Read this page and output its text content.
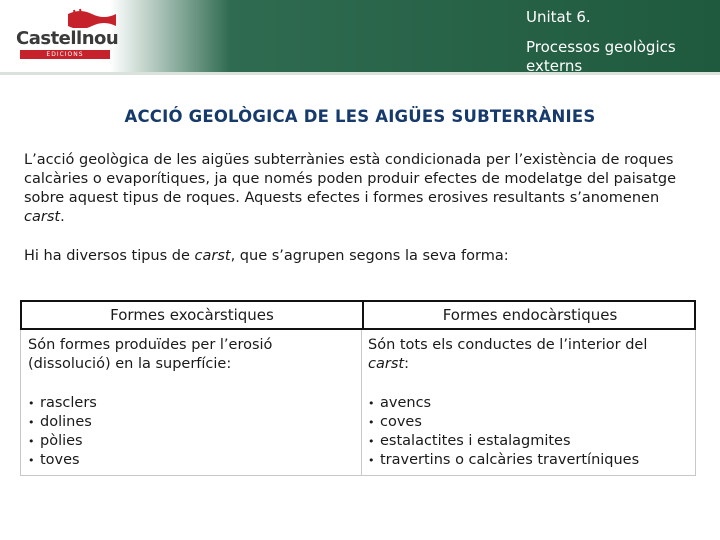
Castellnou
EDICIONS
Unitat 6.
Processos geològics externs
ACCIÓ GEOLÒGICA DE LES AIGÜES SUBTERRÀNIES
L’acció geològica de les aigües subterrànies està condicionada per l’existència de roques calcàries o evaporítiques, ja que només poden produir efectes de modelatge del paisatge sobre aquest tipus de roques. Aquests efectes i formes erosives resultants s’anomenen carst.
Hi ha diversos tipus de carst, que s’agrupen segons la seva forma:
Formes exocàrstiques	Formes endocàrstiques
Són formes produïdes per l’erosió (dissolució) en la superfície:
Són tots els conductes de l’interior del carst:
• rasclers
• dolines
• pòlies
• toves
• avencs
• coves
• estalactites i estalagmites
• travertins o calcàries travertíniques
